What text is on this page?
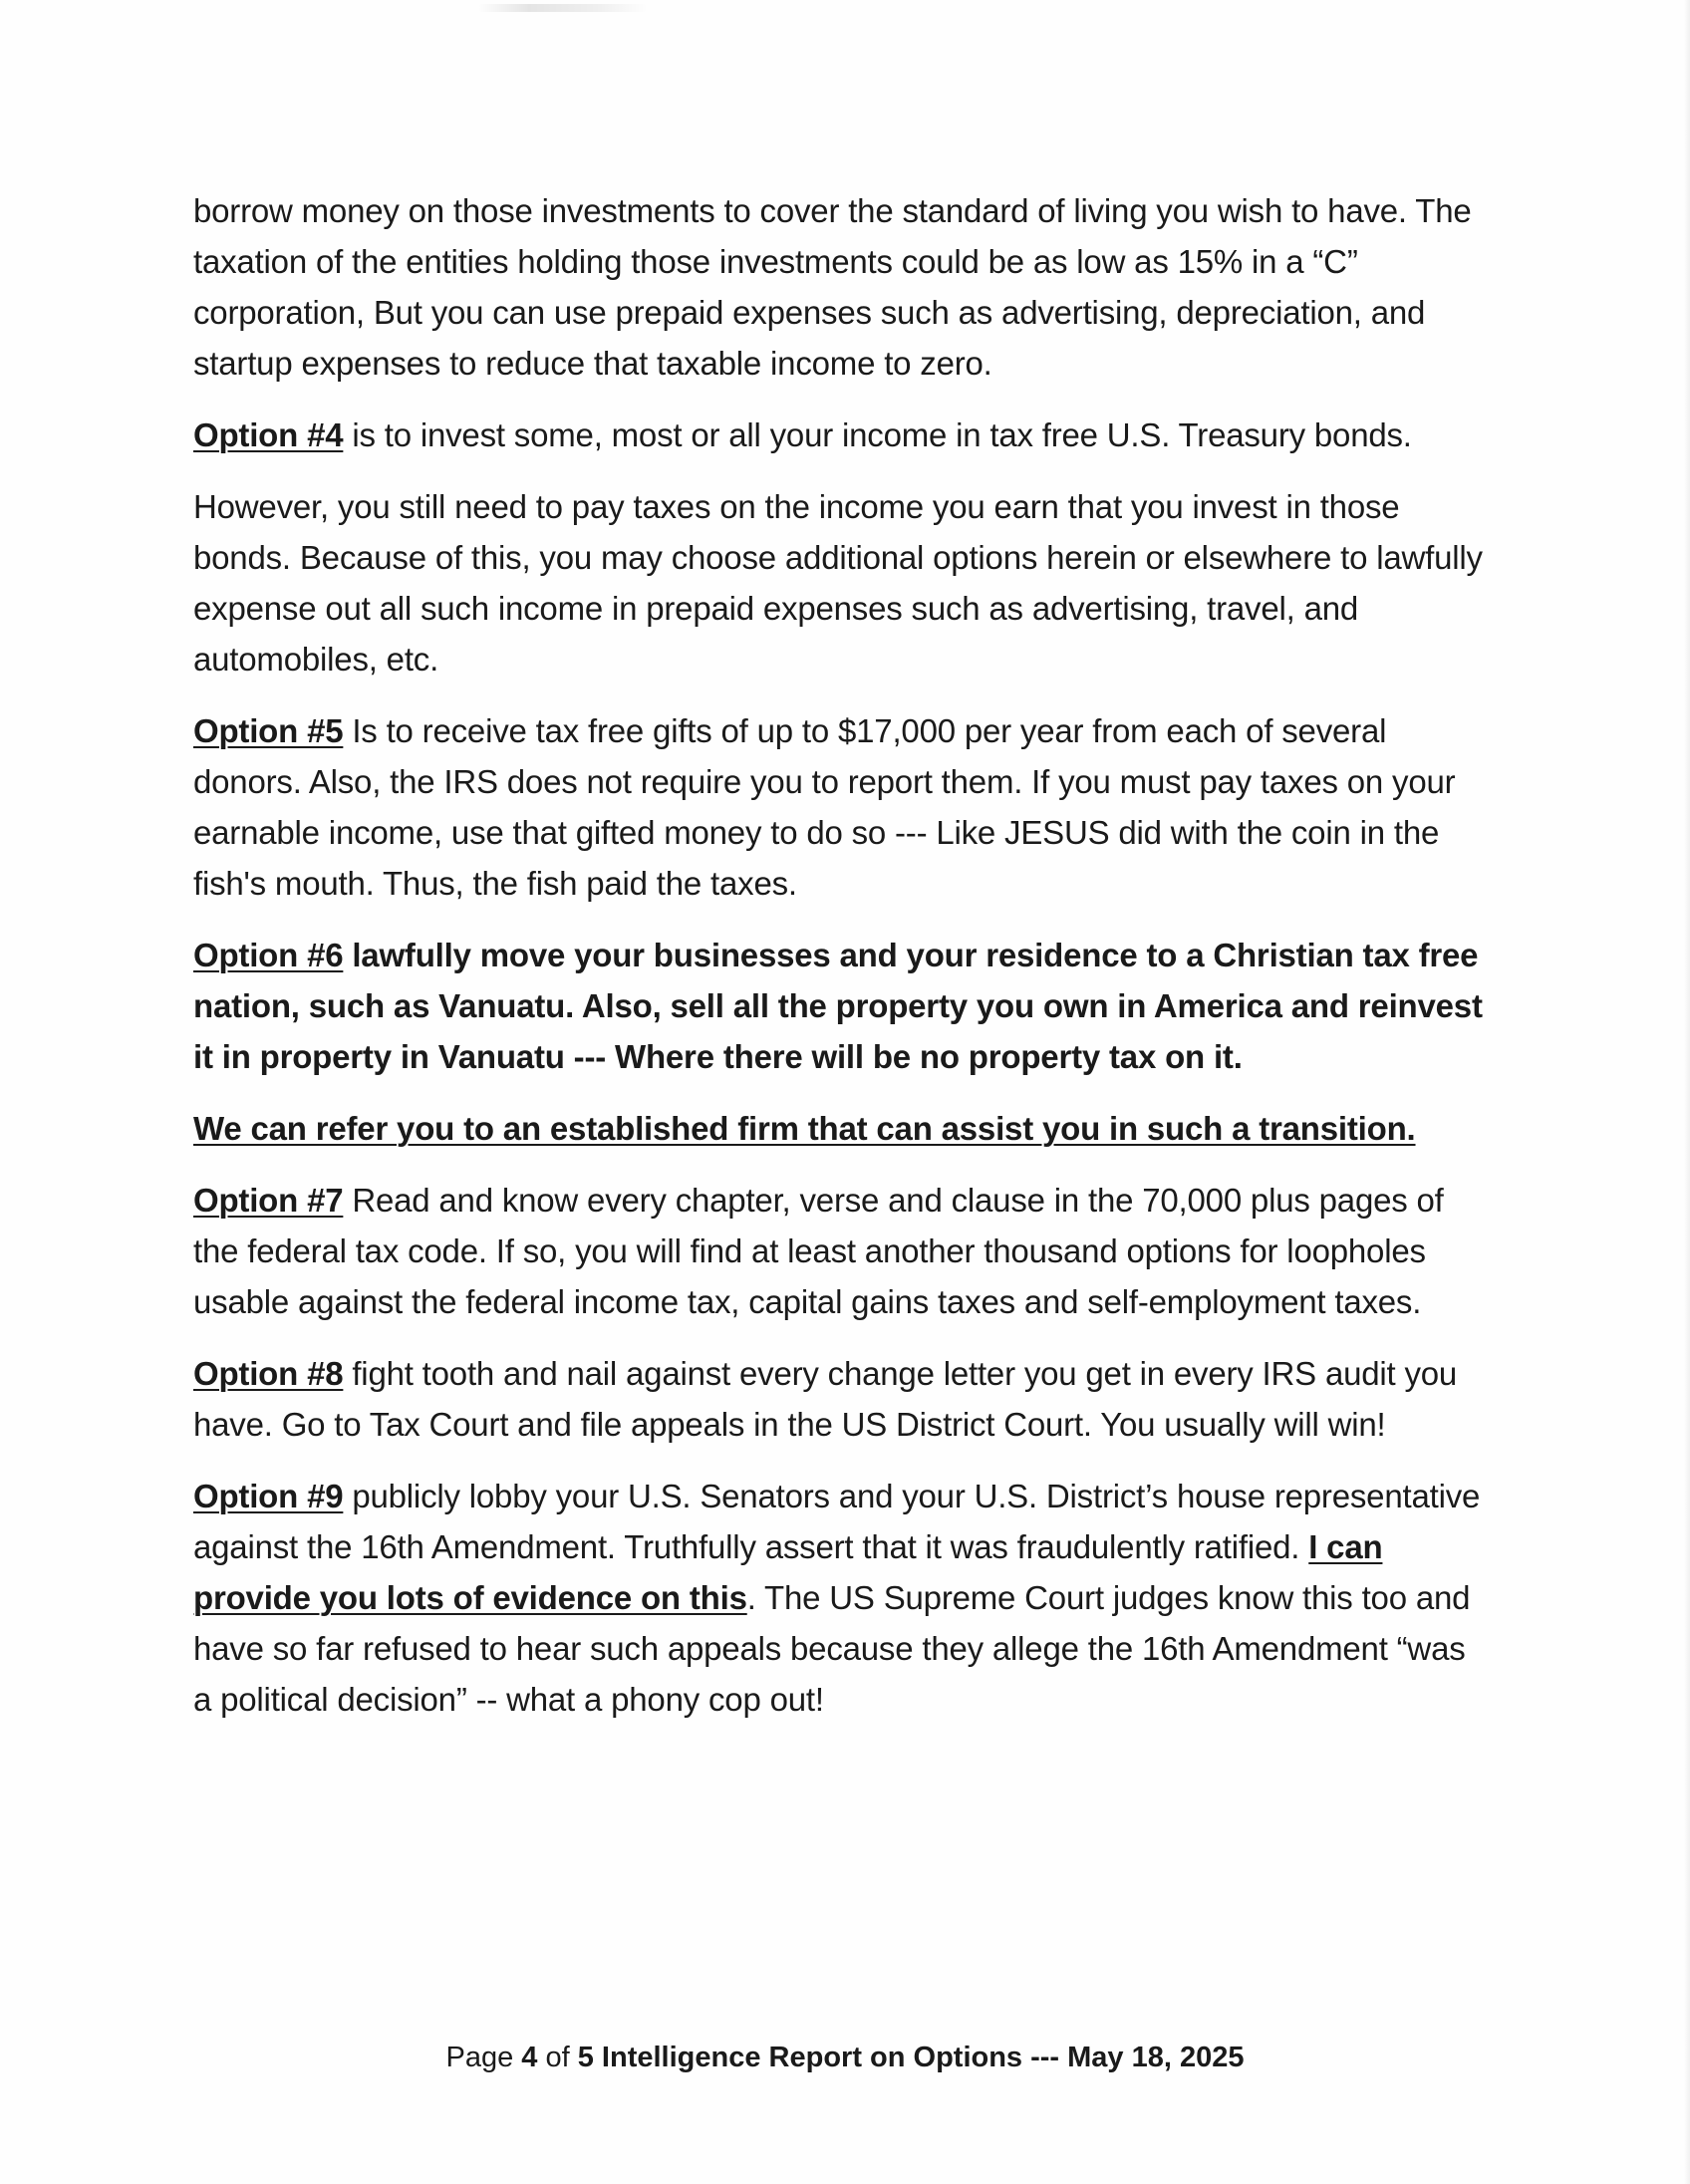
borrow money on those investments to cover the standard of living you wish to have. The taxation of the entities holding those investments could be as low as 15% in a “C” corporation, But you can use prepaid expenses such as advertising, depreciation, and startup expenses to reduce that taxable income to zero.

Option #4 is to invest some, most or all your income in tax free U.S. Treasury bonds.

However, you still need to pay taxes on the income you earn that you invest in those bonds. Because of this, you may choose additional options herein or elsewhere to lawfully expense out all such income in prepaid expenses such as advertising, travel, and automobiles, etc.

Option #5 Is to receive tax free gifts of up to $17,000 per year from each of several donors. Also, the IRS does not require you to report them. If you must pay taxes on your earnable income, use that gifted money to do so --- Like JESUS did with the coin in the fish's mouth. Thus, the fish paid the taxes.

Option #6 lawfully move your businesses and your residence to a Christian tax free nation, such as Vanuatu. Also, sell all the property you own in America and reinvest it in property in Vanuatu --- Where there will be no property tax on it.

We can refer you to an established firm that can assist you in such a transition.

Option #7 Read and know every chapter, verse and clause in the 70,000 plus pages of the federal tax code. If so, you will find at least another thousand options for loopholes usable against the federal income tax, capital gains taxes and self-employment taxes.

Option #8 fight tooth and nail against every change letter you get in every IRS audit you have. Go to Tax Court and file appeals in the US District Court. You usually will win!

Option #9 publicly lobby your U.S. Senators and your U.S. District’s house representative against the 16th Amendment. Truthfully assert that it was fraudulently ratified. I can provide you lots of evidence on this. The US Supreme Court judges know this too and have so far refused to hear such appeals because they allege the 16th Amendment “was a political decision” -- what a phony cop out!

Page 4 of 5 Intelligence Report on Options --- May 18, 2025
